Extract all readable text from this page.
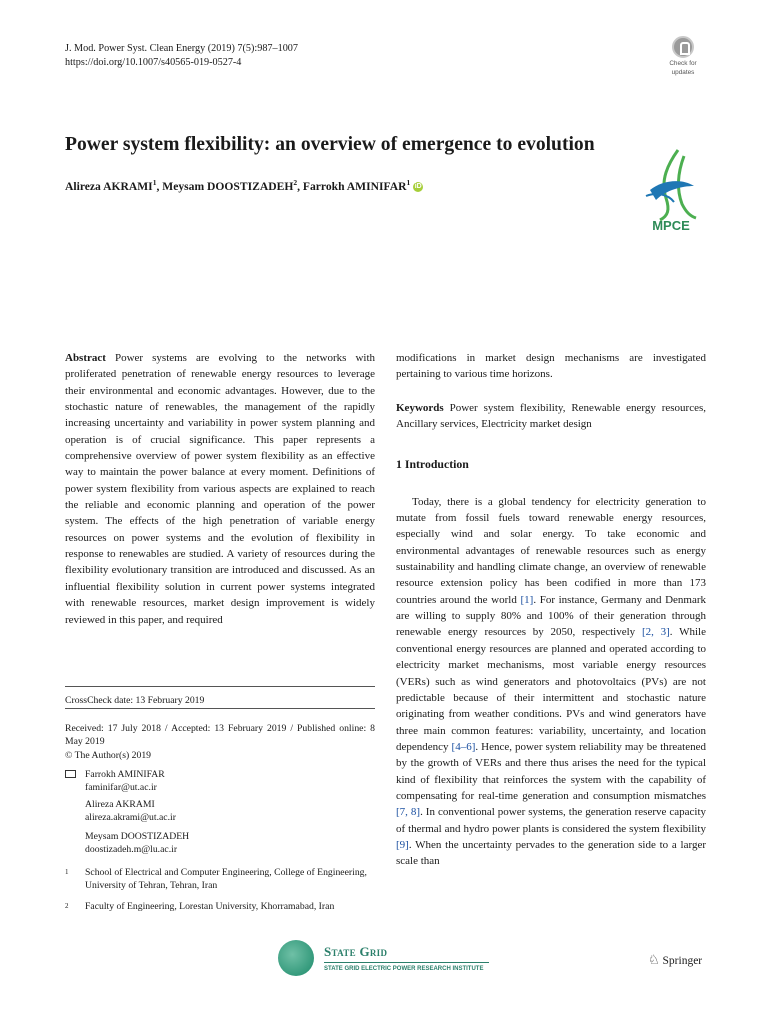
J. Mod. Power Syst. Clean Energy (2019) 7(5):987–1007
https://doi.org/10.1007/s40565-019-0527-4	Check for
updates
Power system flexibility: an overview of emergence to evolution
Alireza AKRAMI$^1$, Meysam DOOSTIZADEH$^2$, Farrokh AMINIFAR$^1$ iD
MPCE

Abstract Power systems are evolving to the networks with proliferated penetration of renewable energy resources to leverage their environmental and economic advantages. However, due to the stochastic nature of renewables, the management of the rapidly increasing uncertainty and variability in power system planning and operation is of crucial significance. This paper represents a comprehensive overview of power system flexibility as an effective way to maintain the power balance at every moment. Definitions of power system flexibility from various aspects are explained to reach the reliable and economic planning and operation of the power system. The effects of the high penetration of variable energy resources on power systems and the evolution of flexibility in response to renewables are studied. A variety of resources during the flexibility evolutionary transition are introduced and discussed. As an influential flexibility solution in current power systems integrated with renewable resources, market design improvement is widely reviewed in this paper, and required

modifications in market design mechanisms are investigated pertaining to various time horizons.

Keywords Power system flexibility, Renewable energy resources, Ancillary services, Electricity market design

1 Introduction

Today, there is a global tendency for electricity generation to mutate from fossil fuels toward renewable energy resources, especially wind and solar energy. To take economic and environmental advantages of renewable resources such as energy sustainability and handling climate change, an overview of renewable resource extension policy has been codified in more than 173 countries around the world [1]. For instance, Germany and Denmark are willing to supply 80% and 100% of their generation through renewable energy resources by 2050, respectively [2, 3]. While conventional energy resources are planned and operated according to electricity market mechanisms, most variable energy resources (VERs) such as wind generators and photovoltaics (PVs) are not predictable because of their intermittent and stochastic nature originating from weather conditions. PVs and wind generators have three main common features: variability, uncertainty, and location dependency [4–6]. Hence, power system reliability may be threatened by the growth of VERs and there thus arises the need for the typical kind of flexibility that reinforces the system with the capability of compensating for real-time generation and consumption mismatches [7, 8]. In conventional power systems, the generation reserve capacity of thermal and hydro power plants is considered the system flexibility [9]. When the uncertainty pervades to the generation side to a larger scale than

CrossCheck date: 13 February 2019
Received: 17 July 2018 / Accepted: 13 February 2019 / Published online: 8 May 2019
© The Author(s) 2019
Farrokh AMINIFAR
faminifar@ut.ac.ir
Alireza AKRAMI
alireza.akrami@ut.ac.ir
Meysam DOOSTIZADEH
doostizadeh.m@lu.ac.ir
1	School of Electrical and Computer Engineering, College of Engineering, University of Tehran, Tehran, Iran
2	Faculty of Engineering, Lorestan University, Khorramabad, Iran
State Grid
STATE GRID ELECTRIC POWER RESEARCH INSTITUTE
♘ Springer
